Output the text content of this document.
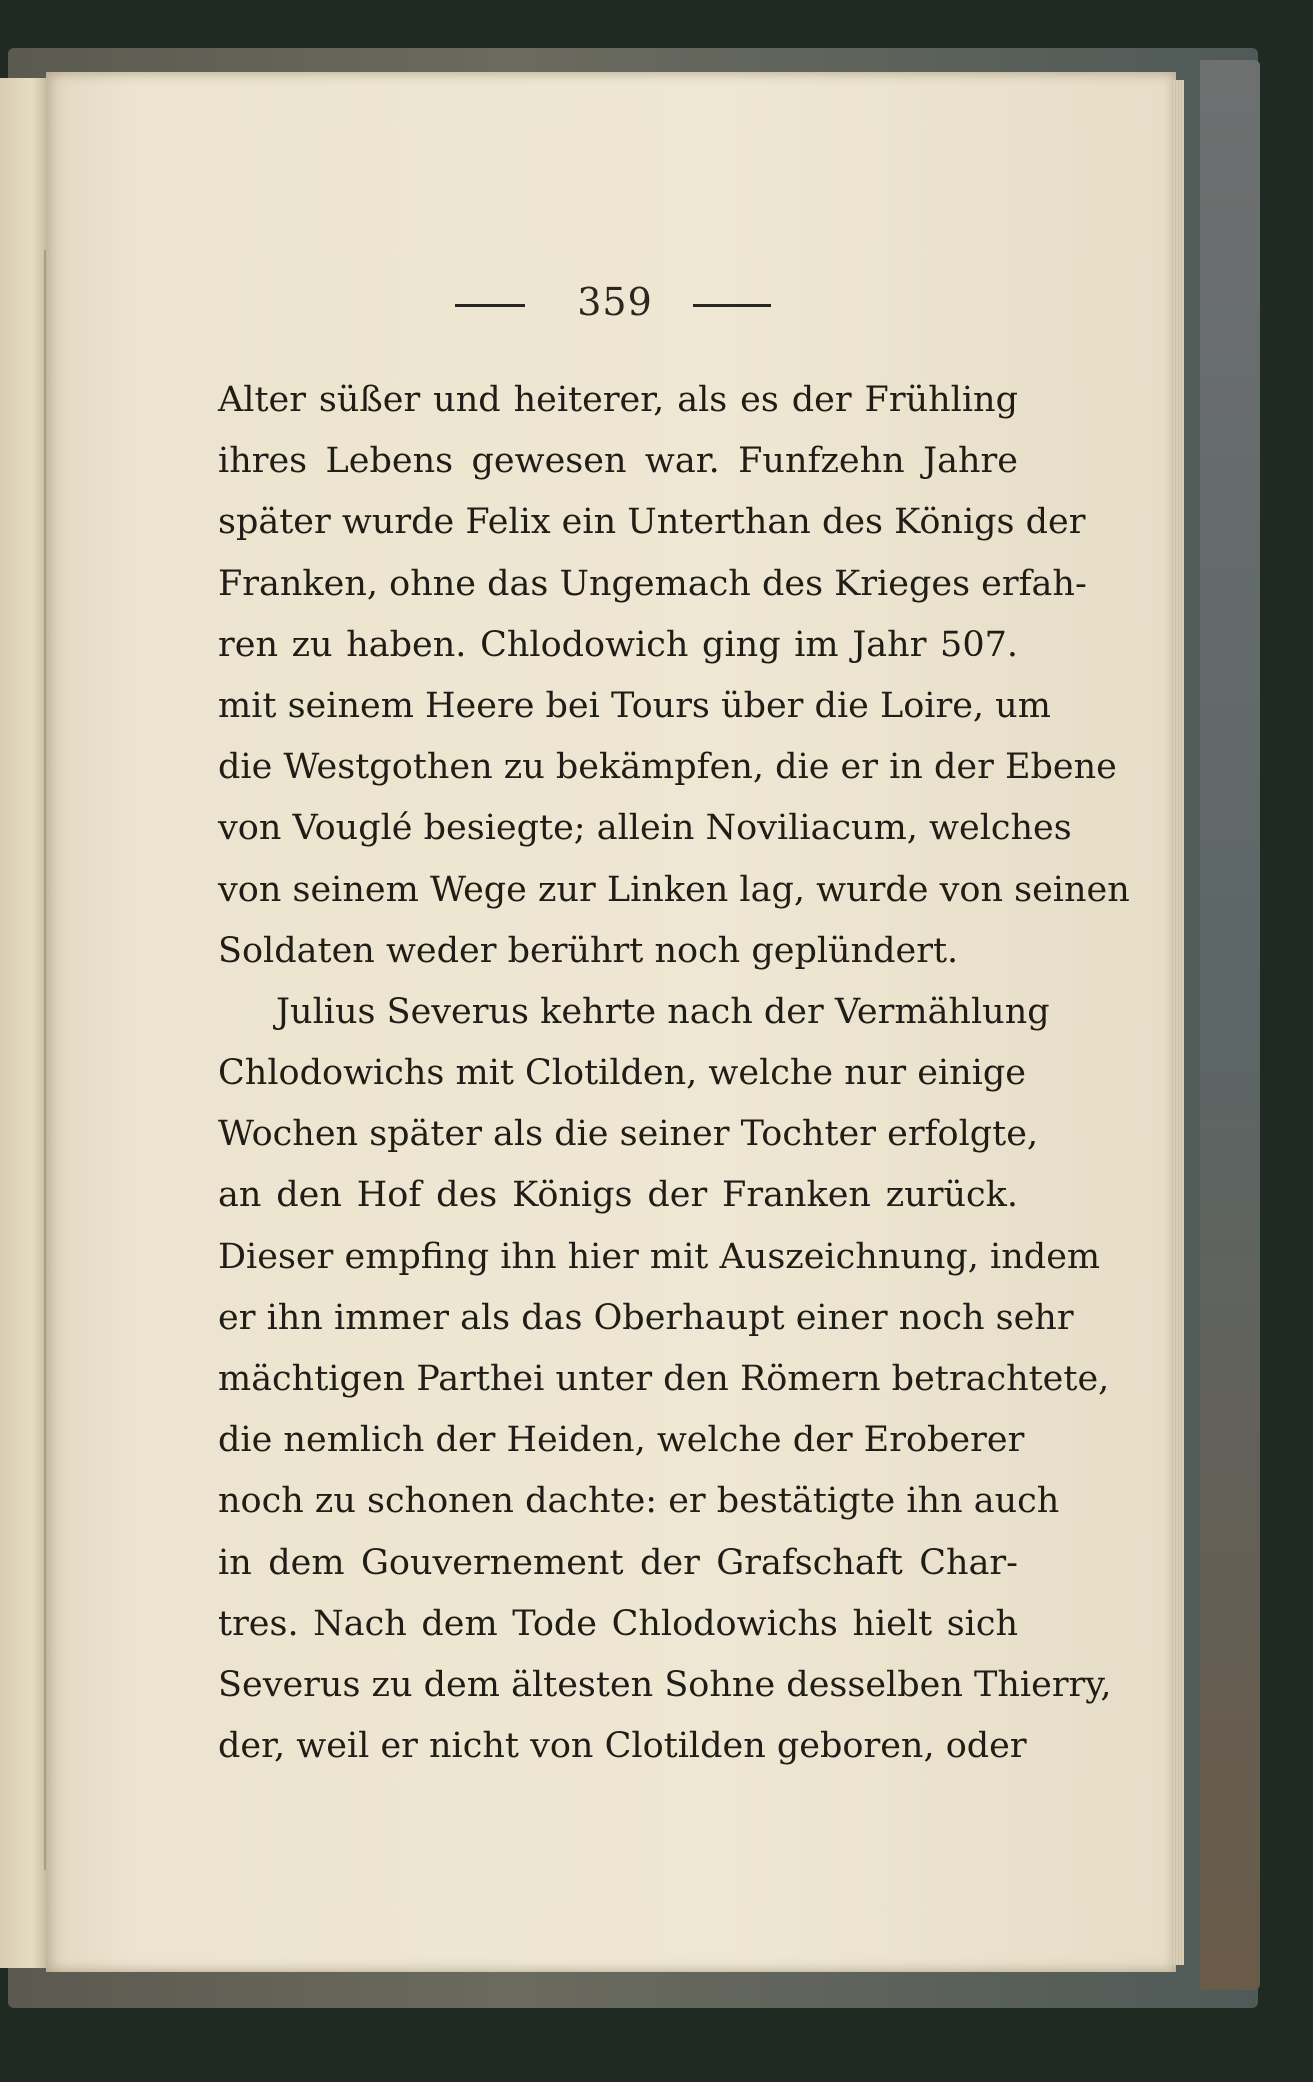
359
Alter süßer und heiterer, als es der Frühling
ihres Lebens gewesen war. Funfzehn Jahre
später wurde Felix ein Unterthan des Königs der
Franken, ohne das Ungemach des Krieges erfah-
ren zu haben. Chlodowich ging im Jahr 507.
mit seinem Heere bei Tours über die Loire, um
die Westgothen zu bekämpfen, die er in der Ebene
von Vouglé besiegte; allein Noviliacum, welches
von seinem Wege zur Linken lag, wurde von seinen
Soldaten weder berührt noch geplündert.
Julius Severus kehrte nach der Vermählung
Chlodowichs mit Clotilden, welche nur einige
Wochen später als die seiner Tochter erfolgte,
an den Hof des Königs der Franken zurück.
Dieser empfing ihn hier mit Auszeichnung, indem
er ihn immer als das Oberhaupt einer noch sehr
mächtigen Parthei unter den Römern betrachtete,
die nemlich der Heiden, welche der Eroberer
noch zu schonen dachte: er bestätigte ihn auch
in dem Gouvernement der Grafschaft Char-
tres. Nach dem Tode Chlodowichs hielt sich
Severus zu dem ältesten Sohne desselben Thierry,
der, weil er nicht von Clotilden geboren, oder
